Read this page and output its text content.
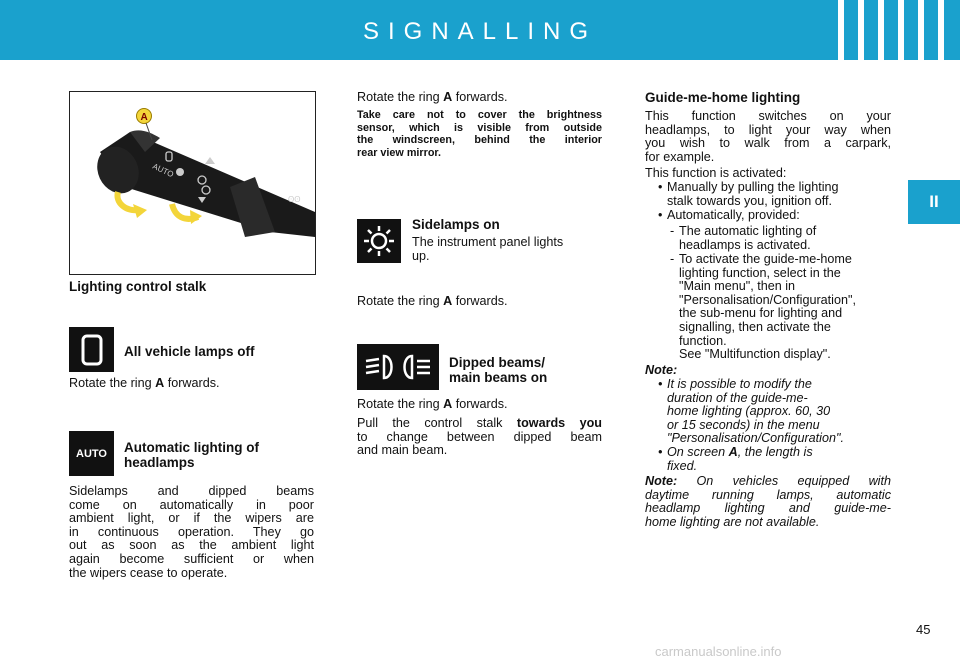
SIGNALLING
II
AUTO
ʘʘ
A
Lighting control stalk
All vehicle lamps off
Rotate the ring A forwards.
AUTO	Automatic lighting of
headlamps
Sidelamps and dipped beams
come on automatically in poor
ambient light, or if the wipers are
in continuous operation. They go
out as soon as the ambient light
again become sufficient or when
the wipers cease to operate.
Rotate the ring A forwards.
Take care not to cover the brightness
sensor, which is visible from outside
the windscreen, behind the interior
rear view mirror.
Sidelamps on
The instrument panel lights
up.
Rotate the ring A forwards.
Dipped beams/
main beams on
Rotate the ring A forwards.
Pull the control stalk towards you
to change between dipped beam
and main beam.
Guide-me-home lighting
This function switches on your
headlamps, to light your way when
you wish to walk from a carpark,
for example.
This function is activated:
• Manually by pulling the lighting
stalk towards you, ignition off.
• Automatically, provided:
- The automatic lighting of
headlamps is activated.
- To activate the guide-me-home
lighting function, select in the
"Main menu", then in
"Personalisation/Configuration",
the sub-menu for lighting and
signalling, then activate the
function.
See "Multifunction display".
Note:
• It is possible to modify the
duration of the guide-me-
home lighting (approx. 60, 30
or 15 seconds) in the menu
"Personalisation/Configuration".
• On screen A, the length is
fixed.
Note: On vehicles equipped with
daytime running lamps, automatic
headlamp lighting and guide-me-
home lighting are not available.
45
carmanualsonline.info
